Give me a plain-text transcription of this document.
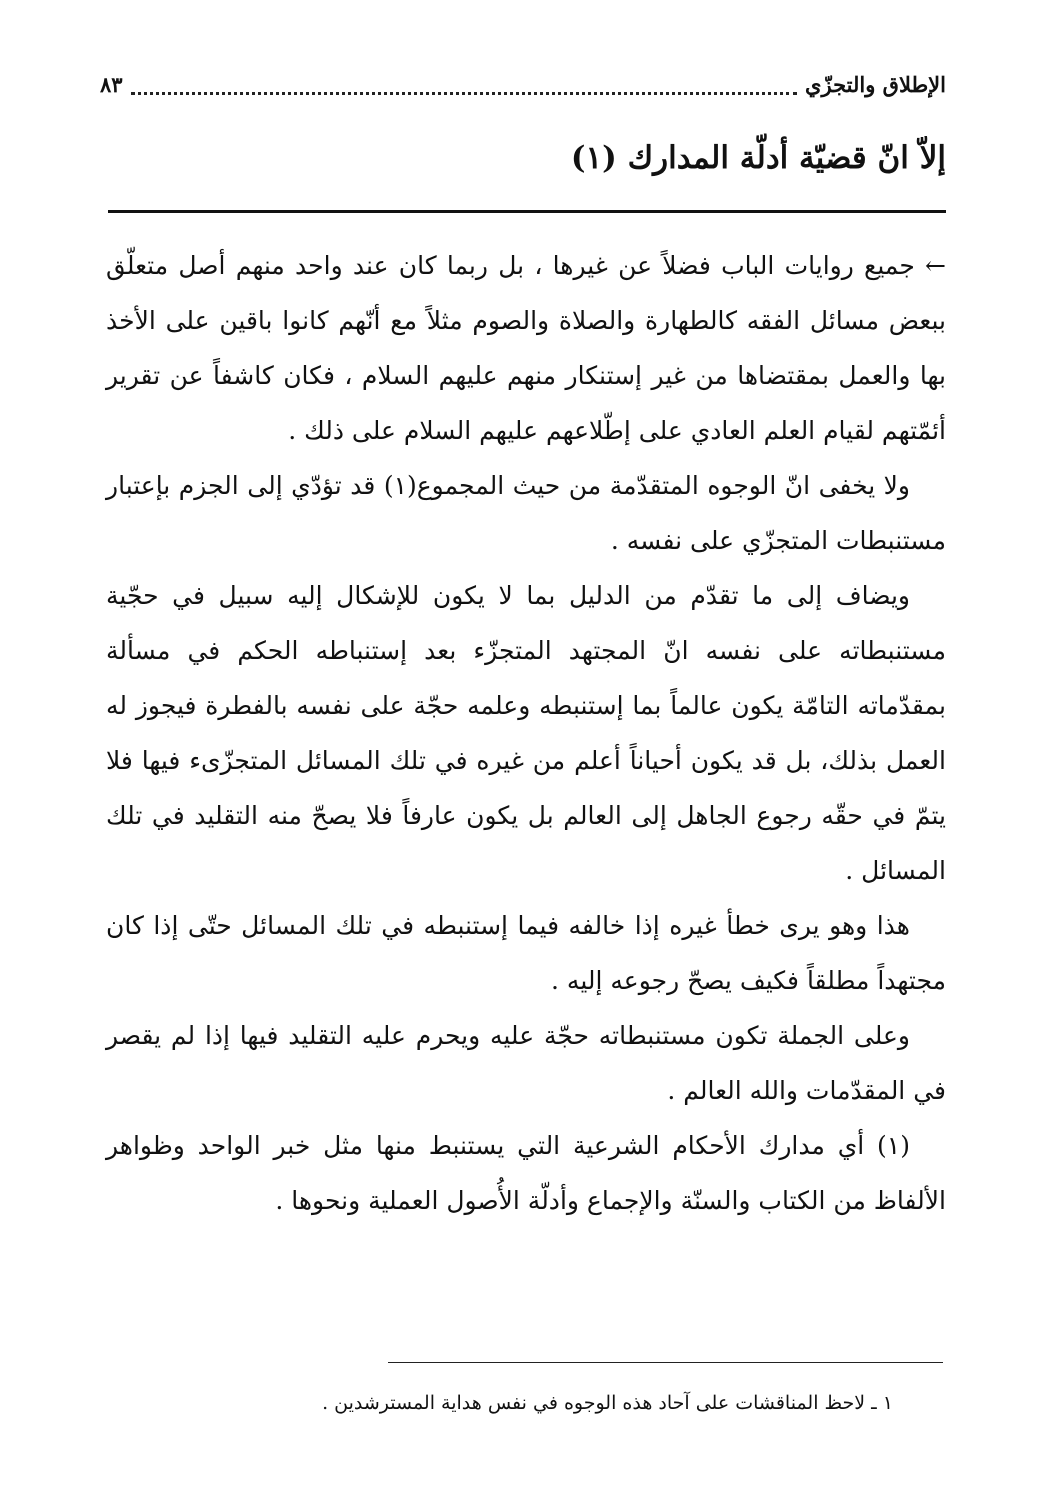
الإطلاق والتجزّي
٨٣
إلاّ انّ قضيّة أدلّة المدارك (١)

← جميع روايات الباب فضلاً عن غيرها ، بل ربما كان عند واحد منهم أصل متعلّق ببعض مسائل الفقه كالطهارة والصلاة والصوم مثلاً مع أنّهم كانوا باقين على الأخذ بها والعمل بمقتضاها من غير إستنكار منهم عليهم السلام ، فكان كاشفاً عن تقرير أئمّتهم لقيام العلم العادي على إطّلاعهم عليهم السلام على ذلك .

ولا يخفى انّ الوجوه المتقدّمة من حيث المجموع(١) قد تؤدّي إلى الجزم بإعتبار مستنبطات المتجزّي على نفسه .

ويضاف إلى ما تقدّم من الدليل بما لا يكون للإشكال إليه سبيل في حجّية مستنبطاته على نفسه انّ المجتهد المتجزّء بعد إستنباطه الحكم في مسألة بمقدّماته التامّة يكون عالماً بما إستنبطه وعلمه حجّة على نفسه بالفطرة فيجوز له العمل بذلك، بل قد يكون أحياناً أعلم من غيره في تلك المسائل المتجزّىء فيها فلا يتمّ في حقّه رجوع الجاهل إلى العالم بل يكون عارفاً فلا يصحّ منه التقليد في تلك المسائل .

هذا وهو يرى خطأ غيره إذا خالفه فيما إستنبطه في تلك المسائل حتّى إذا كان مجتهداً مطلقاً فكيف يصحّ رجوعه إليه .

وعلى الجملة تكون مستنبطاته حجّة عليه ويحرم عليه التقليد فيها إذا لم يقصر في المقدّمات والله العالم .

(١) أي مدارك الأحكام الشرعية التي يستنبط منها مثل خبر الواحد وظواهر الألفاظ من الكتاب والسنّة والإجماع وأدلّة الأُصول العملية ونحوها .

١ ـ لاحظ المناقشات على آحاد هذه الوجوه في نفس هداية المسترشدين .
